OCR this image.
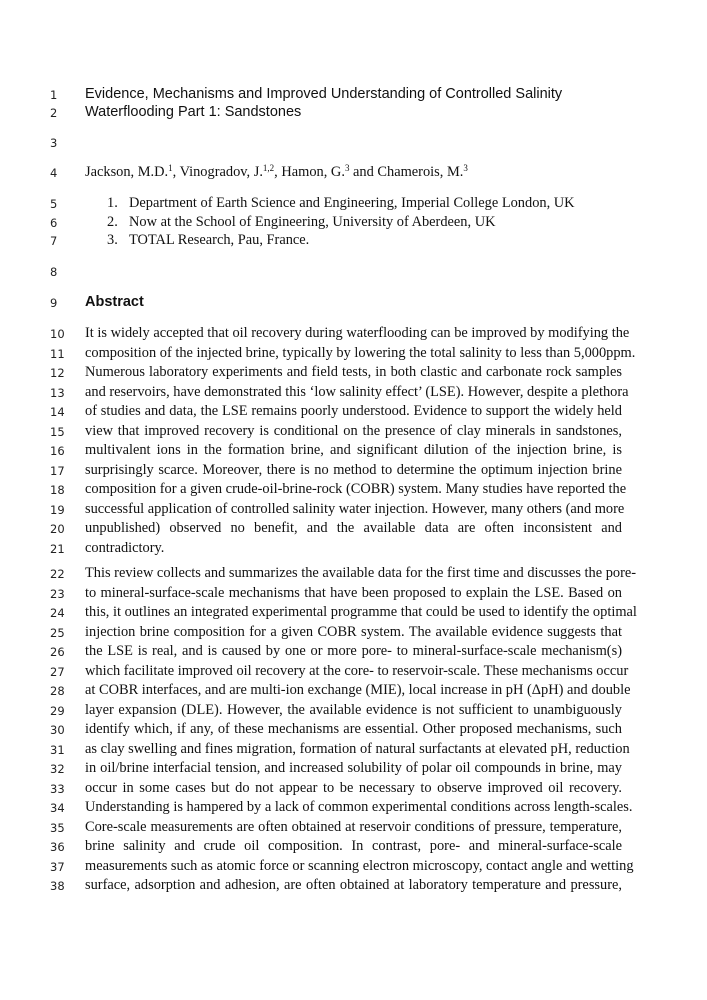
1	Evidence, Mechanisms and Improved Understanding of Controlled Salinity
2	Waterflooding Part 1: Sandstones
3
4	Jackson, M.D.$^1$, Vinogradov, J.$^{1,2}$, Hamon, G.$^3$ and Chamerois, M.$^3$
5	1. Department of Earth Science and Engineering, Imperial College London, UK
6	2. Now at the School of Engineering, University of Aberdeen, UK
7	3. TOTAL Research, Pau, France.
8
9	Abstract
10	It is widely accepted that oil recovery during waterflooding can be improved by modifying the
11	composition of the injected brine, typically by lowering the total salinity to less than 5,000ppm.
12	Numerous laboratory experiments and field tests, in both clastic and carbonate rock samples
13	and reservoirs, have demonstrated this ‘low salinity effect’ (LSE). However, despite a plethora
14	of studies and data, the LSE remains poorly understood. Evidence to support the widely held
15	view that improved recovery is conditional on the presence of clay minerals in sandstones,
16	multivalent ions in the formation brine, and significant dilution of the injection brine, is
17	surprisingly scarce. Moreover, there is no method to determine the optimum injection brine
18	composition for a given crude-oil-brine-rock (COBR) system. Many studies have reported the
19	successful application of controlled salinity water injection. However, many others (and more
20	unpublished) observed no benefit, and the available data are often inconsistent and
21	contradictory.
22	This review collects and summarizes the available data for the first time and discusses the pore-
23	to mineral-surface-scale mechanisms that have been proposed to explain the LSE. Based on
24	this, it outlines an integrated experimental programme that could be used to identify the optimal
25	injection brine composition for a given COBR system. The available evidence suggests that
26	the LSE is real, and is caused by one or more pore- to mineral-surface-scale mechanism(s)
27	which facilitate improved oil recovery at the core- to reservoir-scale. These mechanisms occur
28	at COBR interfaces, and are multi-ion exchange (MIE), local increase in pH (ΔpH) and double
29	layer expansion (DLE). However, the available evidence is not sufficient to unambiguously
30	identify which, if any, of these mechanisms are essential. Other proposed mechanisms, such
31	as clay swelling and fines migration, formation of natural surfactants at elevated pH, reduction
32	in oil/brine interfacial tension, and increased solubility of polar oil compounds in brine, may
33	occur in some cases but do not appear to be necessary to observe improved oil recovery.
34	Understanding is hampered by a lack of common experimental conditions across length-scales.
35	Core-scale measurements are often obtained at reservoir conditions of pressure, temperature,
36	brine salinity and crude oil composition. In contrast, pore- and mineral-surface-scale
37	measurements such as atomic force or scanning electron microscopy, contact angle and wetting
38	surface, adsorption and adhesion, are often obtained at laboratory temperature and pressure,
